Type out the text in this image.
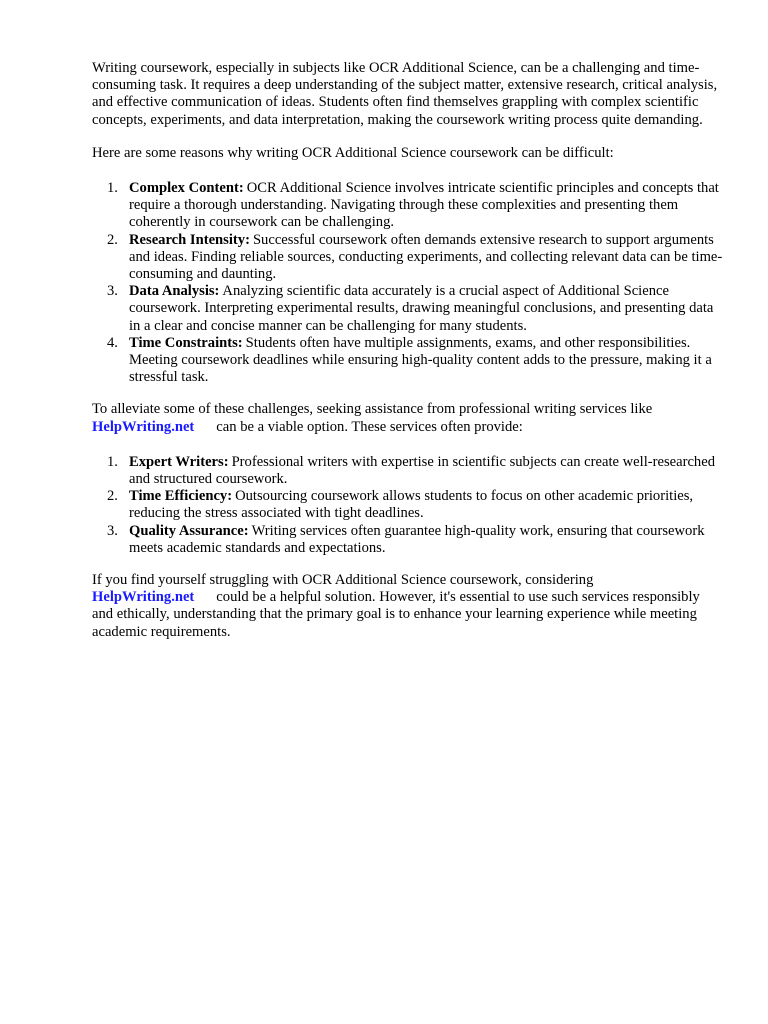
Writing coursework, especially in subjects like OCR Additional Science, can be a challenging and time-consuming task. It requires a deep understanding of the subject matter, extensive research, critical analysis, and effective communication of ideas. Students often find themselves grappling with complex scientific concepts, experiments, and data interpretation, making the coursework writing process quite demanding.

Here are some reasons why writing OCR Additional Science coursework can be difficult:

1. Complex Content: OCR Additional Science involves intricate scientific principles and concepts that require a thorough understanding. Navigating through these complexities and presenting them coherently in coursework can be challenging.
2. Research Intensity: Successful coursework often demands extensive research to support arguments and ideas. Finding reliable sources, conducting experiments, and collecting relevant data can be time-consuming and daunting.
3. Data Analysis: Analyzing scientific data accurately is a crucial aspect of Additional Science coursework. Interpreting experimental results, drawing meaningful conclusions, and presenting data in a clear and concise manner can be challenging for many students.
4. Time Constraints: Students often have multiple assignments, exams, and other responsibilities. Meeting coursework deadlines while ensuring high-quality content adds to the pressure, making it a stressful task.

To alleviate some of these challenges, seeking assistance from professional writing services like
HelpWriting.net can be a viable option. These services often provide:

1. Expert Writers: Professional writers with expertise in scientific subjects can create well-researched and structured coursework.
2. Time Efficiency: Outsourcing coursework allows students to focus on other academic priorities, reducing the stress associated with tight deadlines.
3. Quality Assurance: Writing services often guarantee high-quality work, ensuring that coursework meets academic standards and expectations.

If you find yourself struggling with OCR Additional Science coursework, considering
HelpWriting.net could be a helpful solution. However, it's essential to use such services responsibly and ethically, understanding that the primary goal is to enhance your learning experience while meeting academic requirements.
